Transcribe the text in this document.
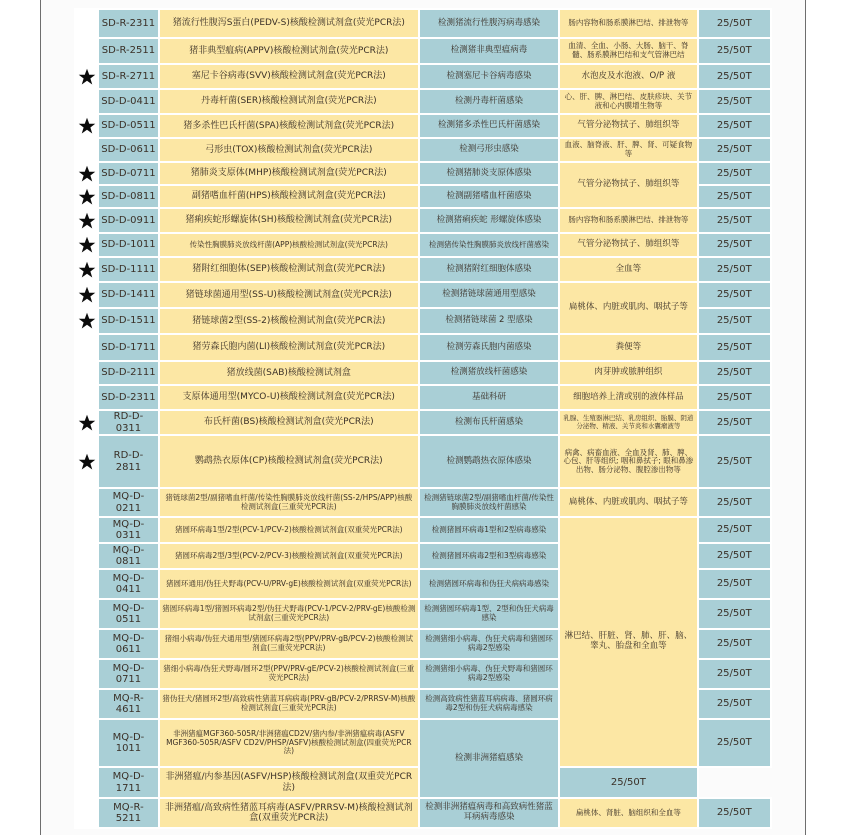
	SD-R-2311	猪流行性腹泻S蛋白(PEDV-S)核酸检测试剂盒(荧光PCR法)	检测猪流行性腹泻病毒感染	肠内容物和肠系膜淋巴结、排泄物等	25/50T
	SD-R-2511	猪非典型瘟病(APPV)核酸检测试剂盒(荧光PCR法)	检测猪非典型瘟病毒	血清、全血、小肠、大肠、脑干、脊髓、肠系膜淋巴结和支气管淋巴结	25/50T

	SD-R-2711	塞尼卡谷病毒(SVV)核酸检测试剂盒(荧光PCR法)	检测塞尼卡谷病毒感染	水泡皮及水泡液、O/P 液	25/50T
	SD-D-0411	丹毒杆菌(SER)核酸检测试剂盒(荧光PCR法)	检测丹毒杆菌感染	心、肝、脾、淋巴结、皮肤疹块、关节液和心内膜增生物等	25/50T

	SD-D-0511	猪多杀性巴氏杆菌(SPA)核酸检测试剂盒(荧光PCR法)	检测猪多杀性巴氏杆菌感染	气管分泌物拭子、肺组织等	25/50T
	SD-D-0611	弓形虫(TOX)核酸检测试剂盒(荧光PCR法)	检测弓形虫感染	血液、脑脊液、肝、脾、肾、可疑食物等	25/50T

	SD-D-0711	猪肺炎支原体(MHP)核酸检测试剂盒(荧光PCR法)	检测猪肺炎支原体感染	气管分泌物拭子、肺组织等	25/50T

	SD-D-0811	副猪嗜血杆菌(HPS)核酸检测试剂盒(荧光PCR法)	检测副猪嗜血杆菌感染		25/50T

	SD-D-0911	猪痢疾蛇形螺旋体(SH)核酸检测试剂盒(荧光PCR法)	检测猪痢疾蛇 形螺旋体感染	肠内容物和肠系膜淋巴结、排泄物等	25/50T

	SD-D-1011	传染性胸膜肺炎放线杆菌(APP)核酸检测试剂盒(荧光PCR法)	检测猪传染性胸膜肺炎放线杆菌感染	气管分泌物拭子、肺组织等	25/50T

	SD-D-1111	猪附红细胞体(SEP)核酸检测试剂盒(荧光PCR法)	检测猪附红细胞体感染	全血等	25/50T

	SD-D-1411	猪链球菌通用型(SS-U)核酸检测试剂盒(荧光PCR法)	检测猪链球菌通用型感染	扁桃体、内脏或肌肉、咽拭子等	25/50T

	SD-D-1511	猪链球菌2型(SS-2)核酸检测试剂盒(荧光PCR法)	检测猪链球菌 2 型感染		25/50T
	SD-D-1711	猪劳森氏胞内菌(LI)核酸检测试剂盒(荧光PCR法)	检测劳森氏胞内菌感染	粪便等	25/50T
	SD-D-2111	猪放线菌(SAB)核酸检测试剂盒	检测猪放线杆菌感染	肉芽肿或脓肿组织	25/50T
	SD-D-2311	支原体通用型(MYCO-U)核酸检测试剂盒(荧光PCR法)	基础科研	细胞培养上清或别的液体样品	25/50T

	RD-D-0311	布氏杆菌(BS)核酸检测试剂盒(荧光PCR法)	检测布氏杆菌感染	乳腺、生殖器淋巴结、乳房组织、胎膜、阴道分泌物、精液、关节炎和水囊瘤液等	25/50T

	RD-D-2811	鹦鹉热衣原体(CP)核酸检测试剂盒(荧光PCR法)	检测鹦鹉热衣原体感染	病禽、病畜血液、全血及肾、肺、脾、心包、肝等组织; 咽和鼻拭子; 眼和鼻渗出物、肠分泌物、腹腔渗出物等	25/50T
	MQ-D-0211	猪链球菌2型/副猪嗜血杆菌/传染性胸膜肺炎放线杆菌(SS-2/HPS/APP)核酸检测试剂盒(三重荧光PCR法)	检测猪链球菌2型/副猪嗜血杆菌/传染性胸膜肺炎放线杆菌感染	扁桃体、内脏或肌肉、咽拭子等	25/50T
	MQ-D-0311	猪圆环病毒1型/2型(PCV-1/PCV-2)核酸检测试剂盒(双重荧光PCR法)	检测猪圆环病毒1型和2型病毒感染	淋巴结、肝脏、肾、肺、肝、脑、睾丸、胎盘和全血等	25/50T
	MQ-D-0811	猪圆环病毒2型/3型(PCV-2/PCV-3)核酸检测试剂盒(双重荧光PCR法)	检测猪圆环病毒2型和3型病毒感染		25/50T
	MQ-D-0411	猪圆环通用/伪狂犬野毒(PCV-U/PRV-gE)核酸检测试剂盒(双重荧光PCR法)	检测猪圆环病毒和伪狂犬病病毒感染		25/50T
	MQ-D-0511	猪圆环病毒1型/猪圆环病毒2型/伪狂犬野毒(PCV-1/PCV-2/PRV-gE)核酸检测试剂盒(三重荧光PCR法)	检测猪圆环病毒1型、2型和伪狂犬病毒感染		25/50T
	MQ-D-0611	猪细小病毒/伪狂犬通用型/猪圆环病毒2型(PPV/PRV-gB/PCV-2)核酸检测试剂盒(三重荧光PCR法)	检测猪细小病毒、伪狂犬病毒和猪圆环病毒2型感染		25/50T
	MQ-D-0711	猪细小病毒/伪狂犬野毒/圆环2型(PPV/PRV-gE/PCV-2)核酸检测试剂盒(三重荧光PCR法)	检测猪细小病毒、伪狂犬野毒和猪圆环病毒2型感染		25/50T
	MQ-R-4611	猪伪狂犬/猪圆环2型/高致病性猪蓝耳病病毒(PRV-gB/PCV-2/PRRSV-M)核酸检测试剂盒(三重荧光PCR法)	检测高致病性猪蓝耳病病毒、猪圆环病毒2型和伪狂犬病病毒感染		25/50T
	MQ-D-1011	非洲猪瘟MGF360-505R/非洲猪瘟CD2V/猪内参/非洲猪瘟病毒(ASFV MGF360-505R/ASFV CD2V/PHSP/ASFV)核酸检测试剂盒(四重荧光PCR法)	检测非洲猪瘟感染		25/50T
	MQ-D-1711	非洲猪瘟/内参基因(ASFV/HSP)核酸检测试剂盒(双重荧光PCR法)		25/50T	
	MQ-R-5211	非洲猪瘟/高致病性猪蓝耳病毒(ASFV/PRRSV-M)核酸检测试剂盒(双重荧光PCR法)	检测非洲猪瘟病毒和高致病性猪蓝耳病病毒感染	扁桃体、肾脏、脑组织和全血等	25/50T
